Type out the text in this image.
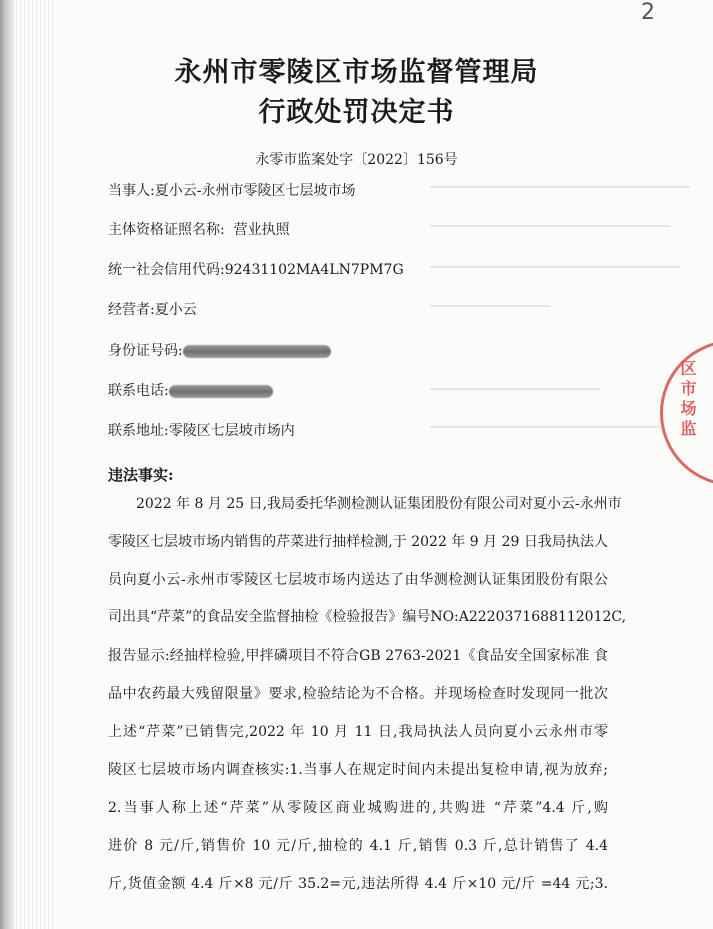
2
永州市零陵区市场监督管理局
行政处罚决定书
永零市监案处字〔2022〕156号
当事人:夏小云-永州市零陵区七层坡市场
主体资格证照名称: 营业执照
统一社会信用代码:92431102MA4LN7PM7G
经营者:夏小云
身份证号码:
联系电话:
联系地址:零陵区七层坡市场内
违法事实:
2022 年 8 月 25 日,我局委托华测检测认证集团股份有限公司对夏小云-永州市
零陵区七层坡市场内销售的芹菜进行抽样检测,于 2022 年 9 月 29 日我局执法人
员向夏小云-永州市零陵区七层坡市场内送达了由华测检测认证集团股份有限公
司出具“芹菜”的食品安全监督抽检《检验报告》编号NO:A2220371688112012C,
报告显示:经抽样检验,甲拌磷项目不符合GB 2763-2021《食品安全国家标准 食
品中农药最大残留限量》要求,检验结论为不合格。并现场检查时发现同一批次
上述“芹菜”已销售完,2022 年 10 月 11 日,我局执法人员向夏小云永州市零
陵区七层坡市场内调查核实:1.当事人在规定时间内未提出复检申请,视为放弃;
2.当事人称上述“芹菜”从零陵区商业城购进的,共购进 “芹菜”4.4 斤,购
进价 8 元/斤,销售价 10 元/斤,抽检的 4.1 斤,销售 0.3 斤,总计销售了 4.4
斤,货值金额 4.4 斤×8 元/斤 35.2=元,违法所得 4.4 斤×10 元/斤 =44 元;3.
区市场监
